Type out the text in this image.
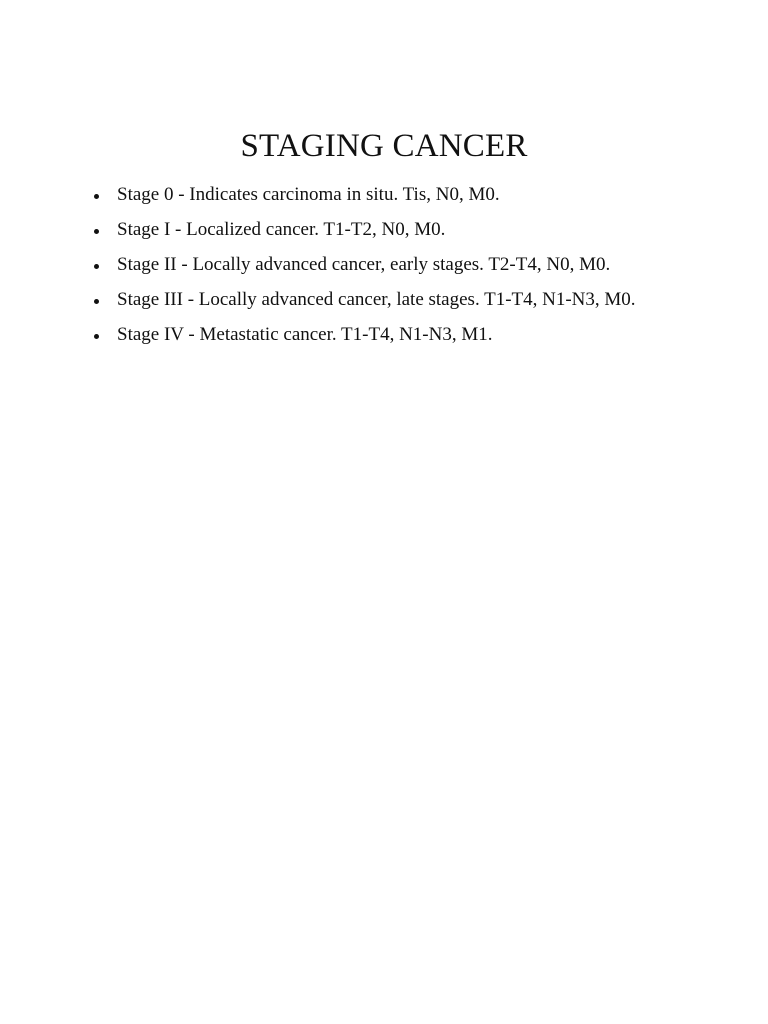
STAGING CANCER
Stage 0 - Indicates carcinoma in situ. Tis, N0, M0.
Stage I - Localized cancer. T1-T2, N0, M0.
Stage II - Locally advanced cancer, early stages. T2-T4, N0, M0.
Stage III - Locally advanced cancer, late stages. T1-T4, N1-N3, M0.
Stage IV - Metastatic cancer. T1-T4, N1-N3, M1.
